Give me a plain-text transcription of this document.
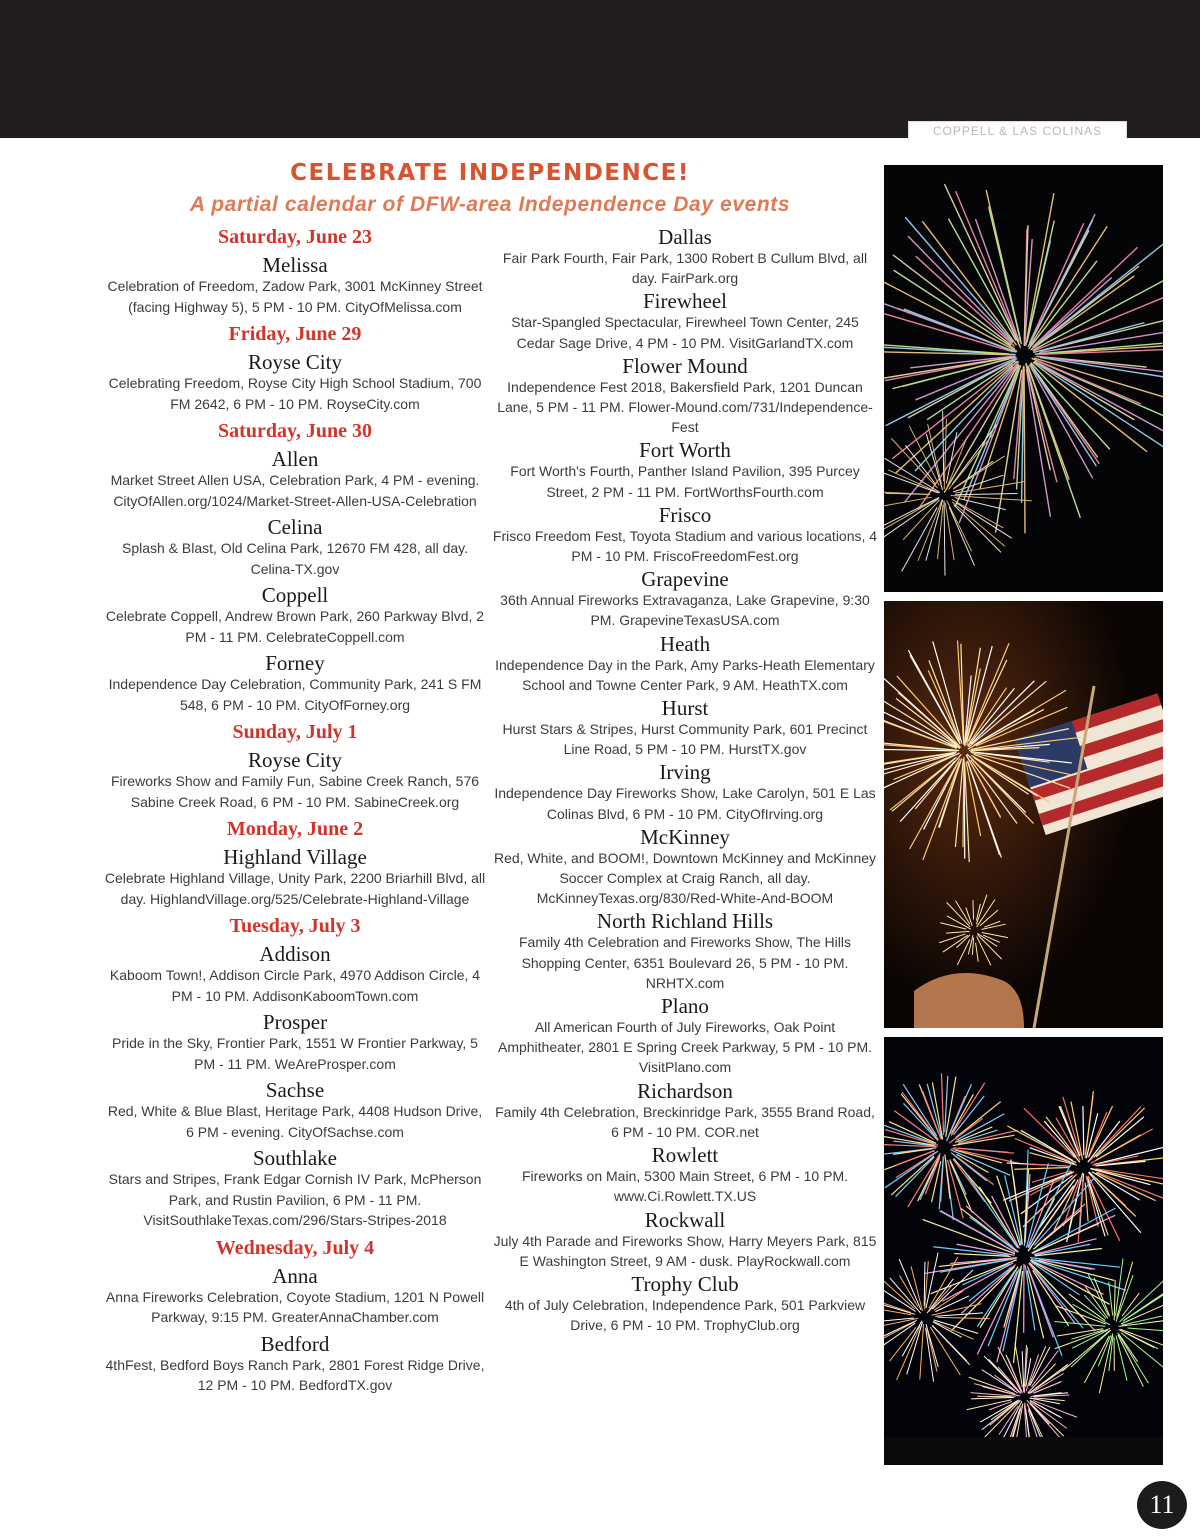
COPPELL & LAS COLINAS
CELEBRATE INDEPENDENCE!
A partial calendar of DFW-area Independence Day events
Saturday, June 23
Melissa
Celebration of Freedom, Zadow Park, 3001 McKinney Street (facing Highway 5), 5 PM - 10 PM. CityOfMelissa.com
Friday, June 29
Royse City
Celebrating Freedom, Royse City High School Stadium, 700 FM 2642, 6 PM - 10 PM. RoyseCity.com
Saturday, June 30
Allen
Market Street Allen USA, Celebration Park, 4 PM - evening. CityOfAllen.org/1024/Market-Street-Allen-USA-Celebration
Celina
Splash & Blast, Old Celina Park, 12670 FM 428, all day. Celina-TX.gov
Coppell
Celebrate Coppell, Andrew Brown Park, 260 Parkway Blvd, 2 PM - 11 PM. CelebrateCoppell.com
Forney
Independence Day Celebration, Community Park, 241 S FM 548, 6 PM - 10 PM. CityOfForney.org
Sunday, July 1
Royse City
Fireworks Show and Family Fun, Sabine Creek Ranch, 576 Sabine Creek Road, 6 PM - 10 PM. SabineCreek.org
Monday, June 2
Highland Village
Celebrate Highland Village, Unity Park, 2200 Briarhill Blvd, all day. HighlandVillage.org/525/Celebrate-Highland-Village
Tuesday, July 3
Addison
Kaboom Town!, Addison Circle Park, 4970 Addison Circle, 4 PM - 10 PM. AddisonKaboomTown.com
Prosper
Pride in the Sky, Frontier Park, 1551 W Frontier Parkway, 5 PM - 11 PM. WeAreProsper.com
Sachse
Red, White & Blue Blast, Heritage Park, 4408 Hudson Drive, 6 PM - evening. CityOfSachse.com
Southlake
Stars and Stripes, Frank Edgar Cornish IV Park, McPherson Park, and Rustin Pavilion, 6 PM - 11 PM. VisitSouthlakeTexas.com/296/Stars-Stripes-2018
Wednesday, July 4
Anna
Anna Fireworks Celebration, Coyote Stadium, 1201 N Powell Parkway, 9:15 PM. GreaterAnnaChamber.com
Bedford
4thFest, Bedford Boys Ranch Park, 2801 Forest Ridge Drive, 12 PM - 10 PM. BedfordTX.gov
Dallas
Fair Park Fourth, Fair Park, 1300 Robert B Cullum Blvd, all day. FairPark.org
Firewheel
Star-Spangled Spectacular, Firewheel Town Center, 245 Cedar Sage Drive, 4 PM - 10 PM. VisitGarlandTX.com
Flower Mound
Independence Fest 2018, Bakersfield Park, 1201 Duncan Lane, 5 PM - 11 PM. Flower-Mound.com/731/Independence-Fest
Fort Worth
Fort Worth's Fourth, Panther Island Pavilion, 395 Purcey Street, 2 PM - 11 PM. FortWorthsFourth.com
Frisco
Frisco Freedom Fest, Toyota Stadium and various locations, 4 PM - 10 PM. FriscoFreedomFest.org
Grapevine
36th Annual Fireworks Extravaganza, Lake Grapevine, 9:30 PM. GrapevineTexasUSA.com
Heath
Independence Day in the Park, Amy Parks-Heath Elementary School and Towne Center Park, 9 AM. HeathTX.com
Hurst
Hurst Stars & Stripes, Hurst Community Park, 601 Precinct Line Road, 5 PM - 10 PM. HurstTX.gov
Irving
Independence Day Fireworks Show, Lake Carolyn, 501 E Las Colinas Blvd, 6 PM - 10 PM. CityOfIrving.org
McKinney
Red, White, and BOOM!, Downtown McKinney and McKinney Soccer Complex at Craig Ranch, all day. McKinneyTexas.org/830/Red-White-And-BOOM
North Richland Hills
Family 4th Celebration and Fireworks Show, The Hills Shopping Center, 6351 Boulevard 26, 5 PM - 10 PM. NRHTX.com
Plano
All American Fourth of July Fireworks, Oak Point Amphitheater, 2801 E Spring Creek Parkway, 5 PM - 10 PM. VisitPlano.com
Richardson
Family 4th Celebration, Breckinridge Park, 3555 Brand Road, 6 PM - 10 PM. COR.net
Rowlett
Fireworks on Main, 5300 Main Street, 6 PM - 10 PM. www.Ci.Rowlett.TX.US
Rockwall
July 4th Parade and Fireworks Show, Harry Meyers Park, 815 E Washington Street, 9 AM - dusk. PlayRockwall.com
Trophy Club
4th of July Celebration, Independence Park, 501 Parkview Drive, 6 PM - 10 PM. TrophyClub.org
11
